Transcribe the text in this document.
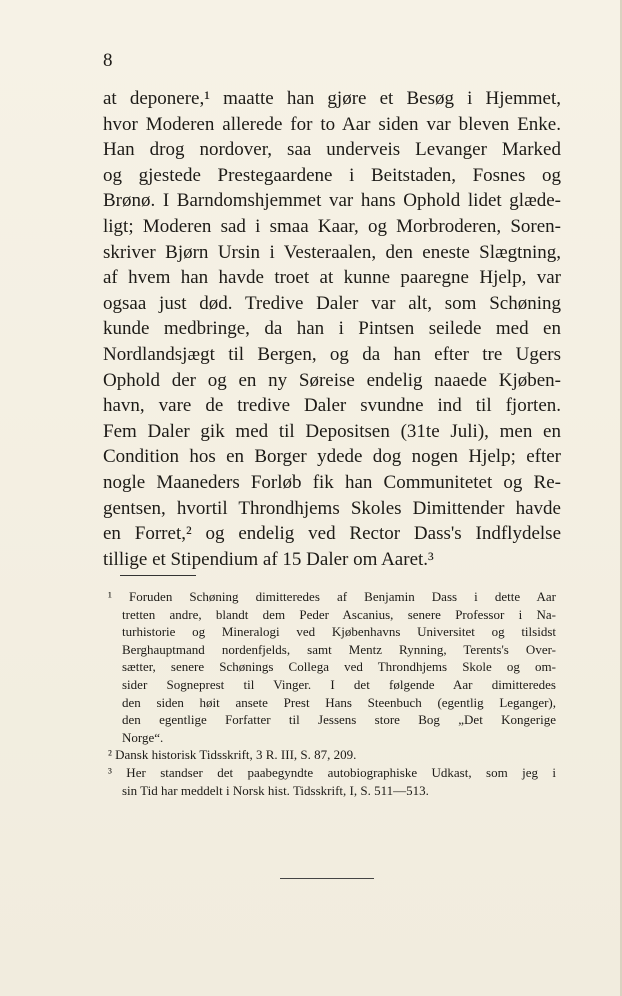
8
at deponere,¹ maatte han gjøre et Besøg i Hjemmet,
hvor Moderen allerede for to Aar siden var bleven Enke.
Han drog nordover, saa underveis Levanger Marked
og gjestede Prestegaardene i Beitstaden, Fosnes og
Brønø. I Barndomshjemmet var hans Ophold lidet glæde-
ligt; Moderen sad i smaa Kaar, og Morbroderen, Soren-
skriver Bjørn Ursin i Vesteraalen, den eneste Slægtning,
af hvem han havde troet at kunne paaregne Hjelp, var
ogsaa just død. Tredive Daler var alt, som Schøning
kunde medbringe, da han i Pintsen seilede med en
Nordlandsjægt til Bergen, og da han efter tre Ugers
Ophold der og en ny Søreise endelig naaede Kjøben-
havn, vare de tredive Daler svundne ind til fjorten.
Fem Daler gik med til Depositsen (31te Juli), men en
Condition hos en Borger ydede dog nogen Hjelp; efter
nogle Maaneders Forløb fik han Communitetet og Re-
gentsen, hvortil Throndhjems Skoles Dimittender havde
en Forret,² og endelig ved Rector Dass's Indflydelse
tillige et Stipendium af 15 Daler om Aaret.³
¹ Foruden Schøning dimitteredes af Benjamin Dass i dette Aar
tretten andre, blandt dem Peder Ascanius, senere Professor i Na-
turhistorie og Mineralogi ved Kjøbenhavns Universitet og tilsidst
Berghauptmand nordenfjelds, samt Mentz Rynning, Terents's Over-
sætter, senere Schønings Collega ved Throndhjems Skole og om-
sider Sogneprest til Vinger. I det følgende Aar dimitteredes
den siden høit ansete Prest Hans Steenbuch (egentlig Leganger),
den egentlige Forfatter til Jessens store Bog „Det Kongerige
Norge“.
² Dansk historisk Tidsskrift, 3 R. III, S. 87, 209.
³ Her standser det paabegyndte autobiographiske Udkast, som jeg i
sin Tid har meddelt i Norsk hist. Tidsskrift, I, S. 511—513.
